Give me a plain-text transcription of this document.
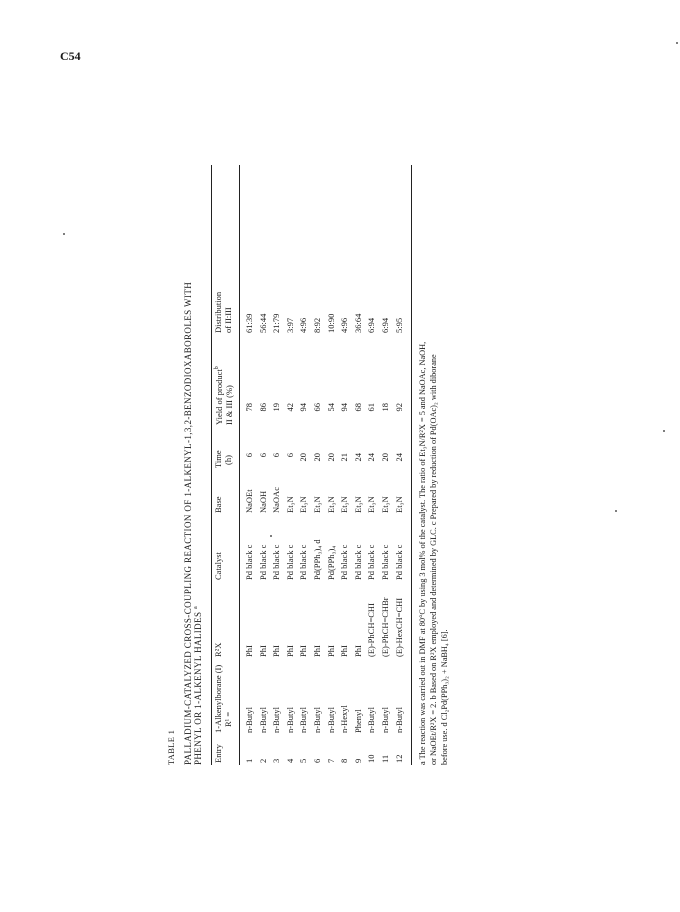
C54
TABLE 1 PALLADIUM-CATALYZED CROSS-COUPLING REACTION OF 1-ALKENYL-1,3,2-BENZODIOXABOROLES WITH PHENYL OR 1-ALKENYL HALIDES $^a$
Entry
1-Alkenylborane (I) R¹ =
R²X
Catalyst
Base
Time (h)
Yield of product$^b$
II & III (%)
Distribution of II:III
1
n-Butyl
PhI
Pd black c
NaOEt
6
78
61:39
2
n-Butyl
PhI
Pd black c
NaOH
6
86
56:44
3
n-Butyl
PhI
Pd black c
NaOAc
6
19
21:79
4
n-Butyl
PhI
Pd black c
Et₃N
6
42
3:97
5
n-Butyl
PhI
Pd black c
Et₃N
20
94
4:96
6
n-Butyl
PhI
Pd(PPh₃)₄ d
Et₃N
20
66
8:92
7
n-Butyl
PhI
Pd(PPh₃)₄
Et₃N
20
54
10:90
8
n-Hexyl
PhI
Pd black c
Et₃N
21
94
4:96
9
Phenyl
PhI
Pd black c
Et₃N
24
68
36:64
10
n-Butyl
(E)-PhCH=CHI
Pd black c
Et₃N
24
61
6:94
11
n-Butyl
(E)-PhCH=CHBr
Pd black c
Et₃N
20
18
6:94
12
n-Butyl
(E)-HexCH=CHI
Pd black c
Et₃N
24
92
5:95
a The reaction was carried out in DMF at 80°C by using 3 mol% of the catalyst. The ratio of Et₃N/R²X = 5 and NaOAc, NaOH, or NaOEt/R²X = 2. b Based on R²X employed and determined by GLC. c Prepared by reduction of Pd(OAc)₂ with diborane before use. d Cl₂Pd(PPh₃)₂ + NaBH₄ [6].
